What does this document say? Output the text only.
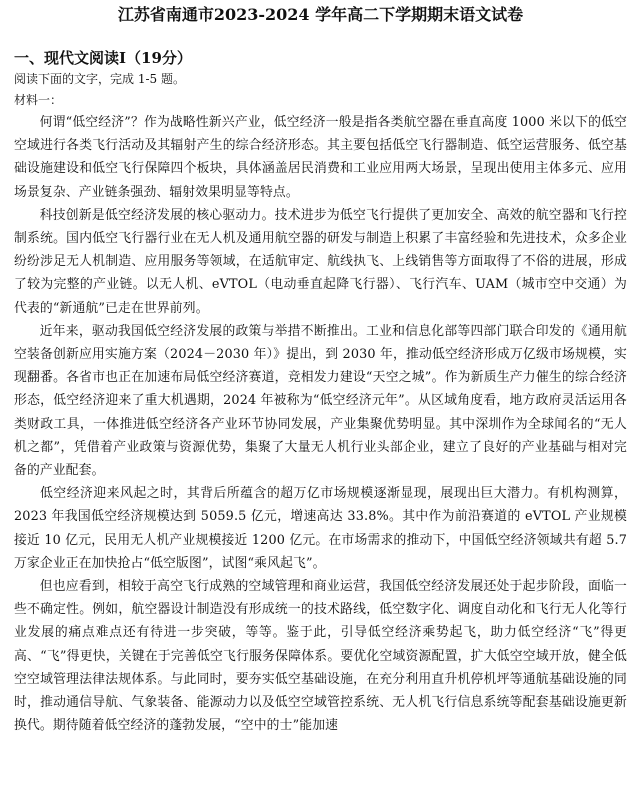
江苏省南通市2023-2024 学年高二下学期期末语文试卷
一、现代文阅读Ⅰ（19分）
阅读下面的文字，完成 1-5 题。
材料一：

何谓“低空经济”？作为战略性新兴产业，低空经济一般是指各类航空器在垂直高度 1000 米以下的低空空域进行各类飞行活动及其辐射产生的综合经济形态。其主要包括低空飞行器制造、低空运营服务、低空基础设施建设和低空飞行保障四个板块，具体涵盖居民消费和工业应用两大场景，呈现出使用主体多元、应用场景复杂、产业链条强劲、辐射效果明显等特点。

科技创新是低空经济发展的核心驱动力。技术进步为低空飞行提供了更加安全、高效的航空器和飞行控制系统。国内低空飞行器行业在无人机及通用航空器的研发与制造上积累了丰富经验和先进技术，众多企业纷纷涉足无人机制造、应用服务等领域，在适航审定、航线执飞、上线销售等方面取得了不俗的进展，形成了较为完整的产业链。以无人机、eVTOL（电动垂直起降飞行器）、飞行汽车、UAM（城市空中交通）为代表的“新通航”已走在世界前列。

近年来，驱动我国低空经济发展的政策与举措不断推出。工业和信息化部等四部门联合印发的《通用航空装备创新应用实施方案（2024－2030 年）》提出，到 2030 年，推动低空经济形成万亿级市场规模，实现翻番。各省市也正在加速布局低空经济赛道，竞相发力建设“天空之城”。作为新质生产力催生的综合经济形态，低空经济迎来了重大机遇期，2024 年被称为“低空经济元年”。从区域角度看，地方政府灵活运用各类财政工具，一体推进低空经济各产业环节协同发展，产业集聚优势明显。其中深圳作为全球闻名的“无人机之都”，凭借着产业政策与资源优势，集聚了大量无人机行业头部企业，建立了良好的产业基础与相对完备的产业配套。

低空经济迎来风起之时，其背后所蕴含的超万亿市场规模逐渐显现，展现出巨大潜力。有机构测算，2023 年我国低空经济规模达到 5059.5 亿元，增速高达 33.8%。其中作为前沿赛道的 eVTOL 产业规模接近 10 亿元，民用无人机产业规模接近 1200 亿元。在市场需求的推动下，中国低空经济领域共有超 5.7 万家企业正在加快抢占“低空版图”，试图“乘风起飞”。

但也应看到，相较于高空飞行成熟的空域管理和商业运营，我国低空经济发展还处于起步阶段，面临一些不确定性。例如，航空器设计制造没有形成统一的技术路线，低空数字化、调度自动化和飞行无人化等行业发展的痛点难点还有待进一步突破，等等。鉴于此，引导低空经济乘势起飞，助力低空经济“飞”得更高、“飞”得更快，关键在于完善低空飞行服务保障体系。要优化空域资源配置，扩大低空空域开放，健全低空空域管理法律法规体系。与此同时，要夯实低空基础设施，在充分利用直升机停机坪等通航基础设施的同时，推动通信导航、气象装备、能源动力以及低空空域管控系统、无人机飞行信息系统等配套基础设施更新换代。期待随着低空经济的蓬勃发展，“空中的士”能加速
